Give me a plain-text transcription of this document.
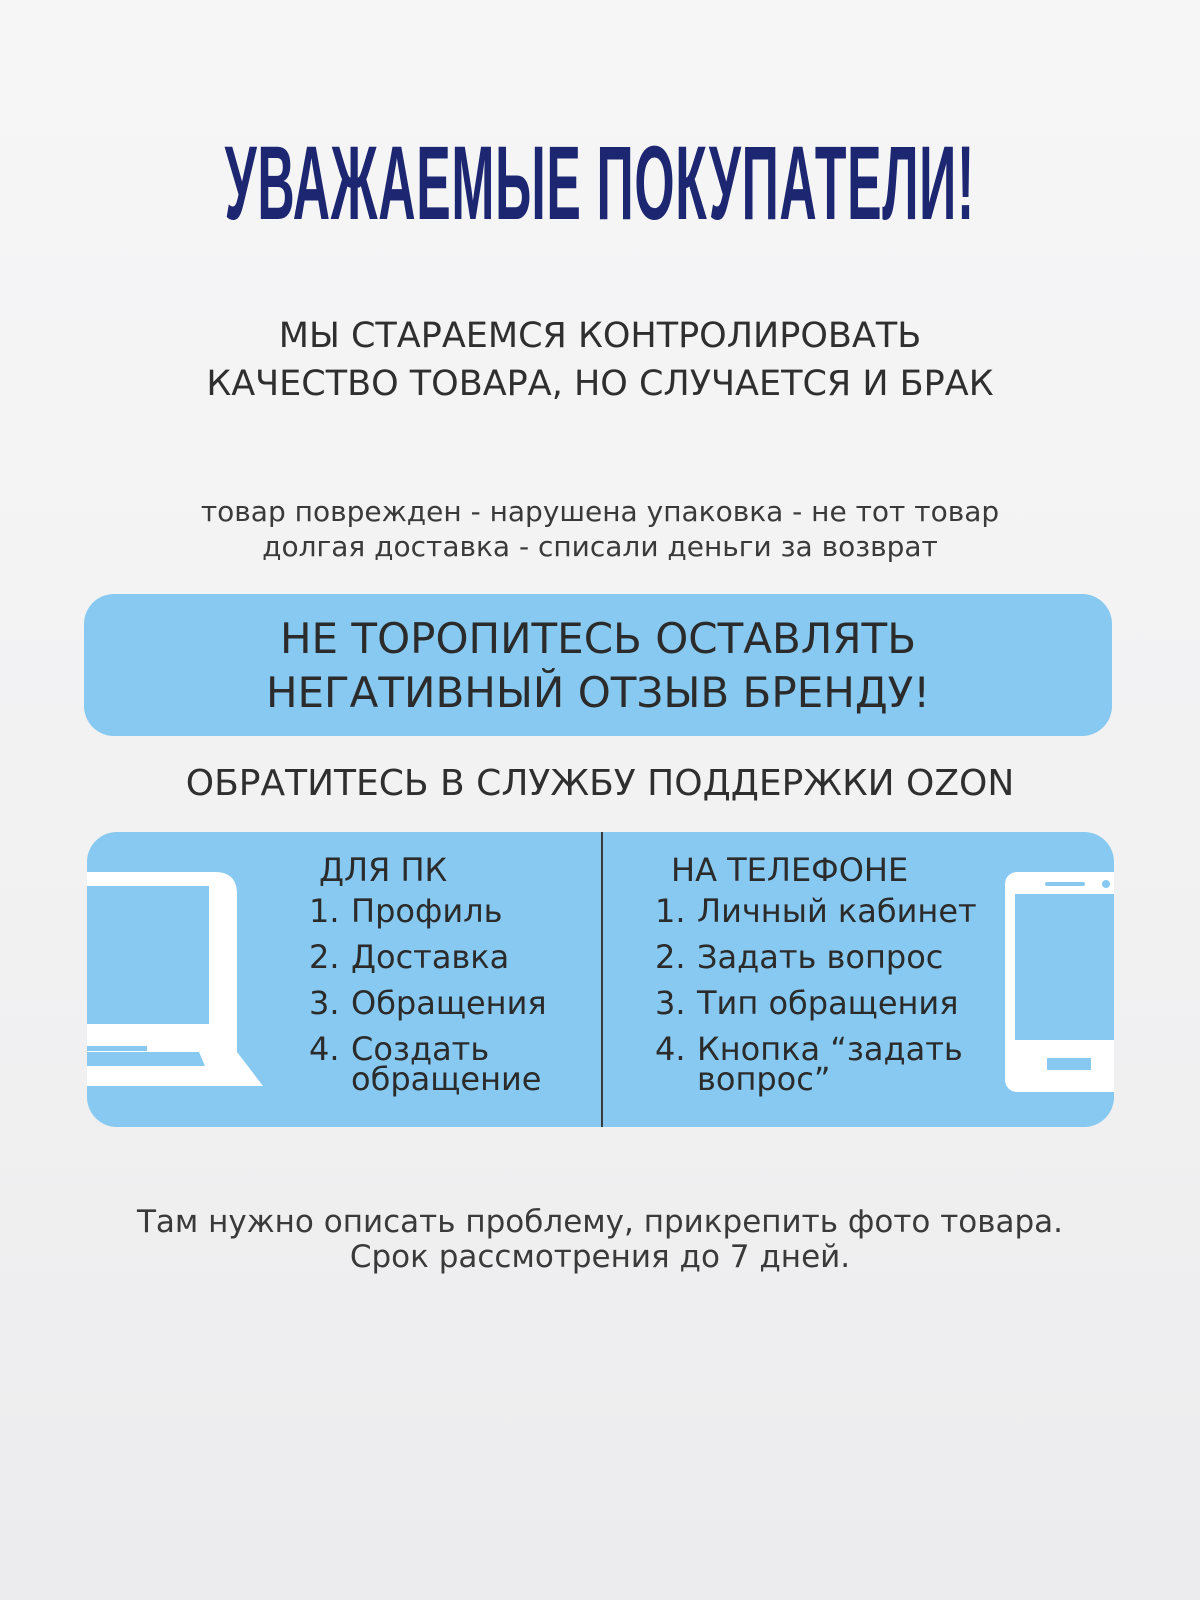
УВАЖАЕМЫЕ ПОКУПАТЕЛИ!
МЫ СТАРАЕМСЯ КОНТРОЛИРОВАТЬ
КАЧЕСТВО ТОВАРА, НО СЛУЧАЕТСЯ И БРАК
товар поврежден - нарушена упаковка - не тот товар
долгая доставка - списали деньги за возврат
НЕ ТОРОПИТЕСЬ ОСТАВЛЯТЬ
НЕГАТИВНЫЙ ОТЗЫВ БРЕНДУ!
ОБРАТИТЕСЬ В СЛУЖБУ ПОДДЕРЖКИ OZON
ДЛЯ ПК
1. Профиль
2. Доставка
3. Обращения
4. Создать
обращение
НА ТЕЛЕФОНЕ
1. Личный кабинет
2. Задать вопрос
3. Тип обращения
4. Кнопка “задать
вопрос”
Там нужно описать проблему, прикрепить фото товара.
Срок рассмотрения до 7 дней.
